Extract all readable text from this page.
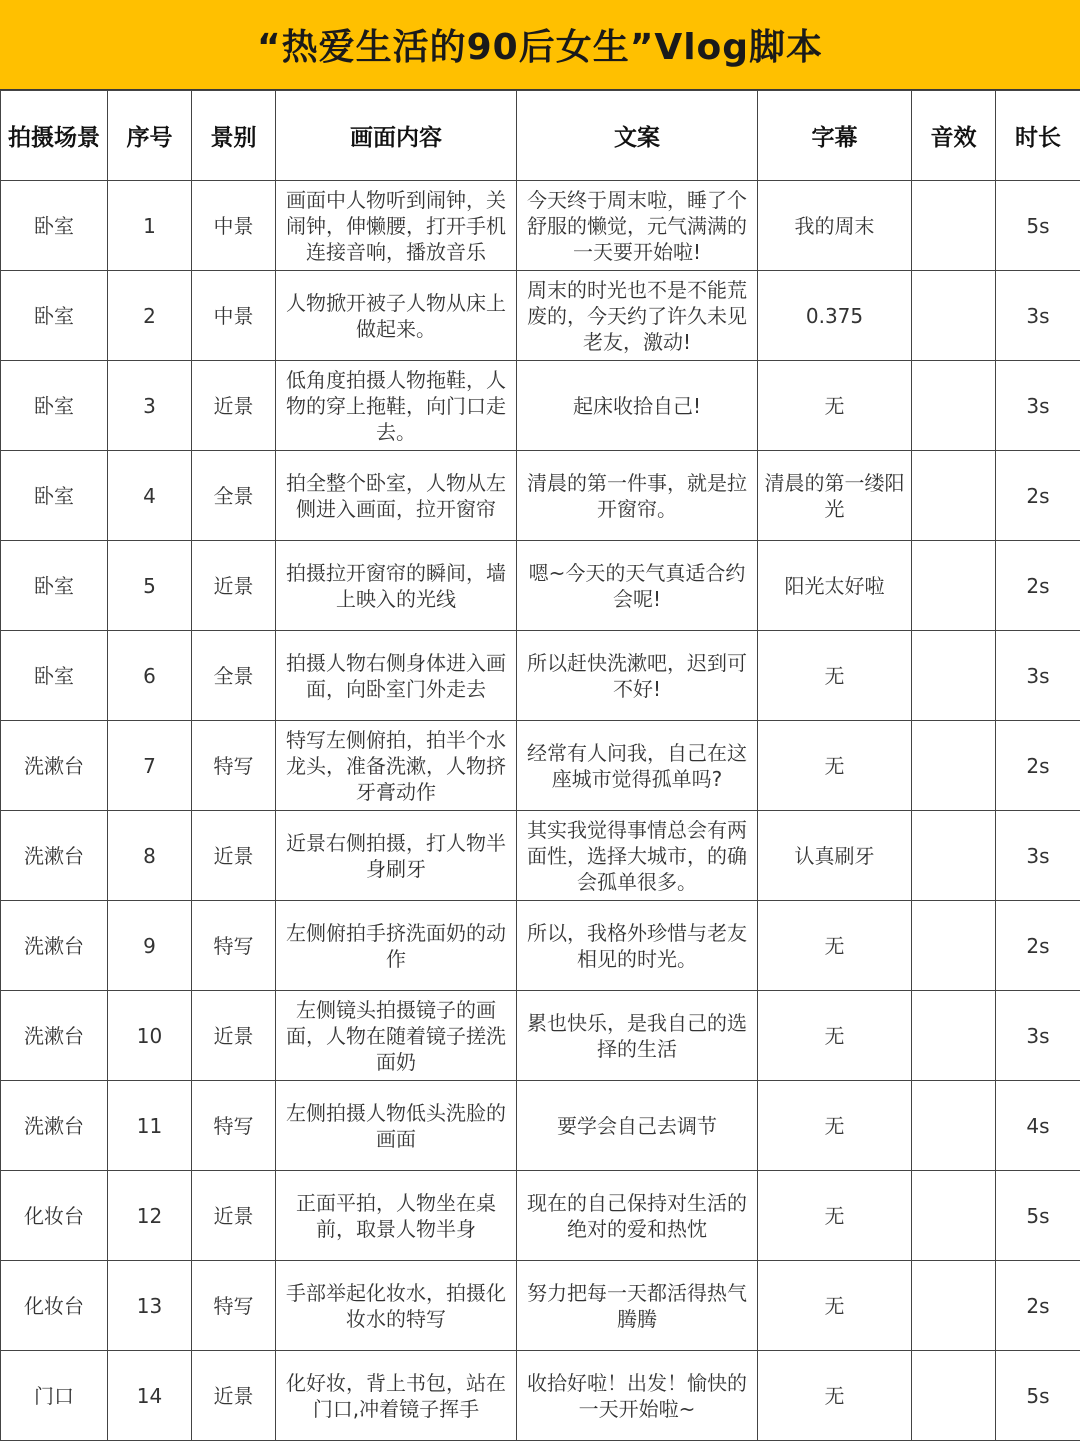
“热爱生活的90后女生”Vlog脚本
拍摄场景	序号	景别	画面内容	文案	字幕	音效	时长
卧室	1	中景	画面中人物听到闹钟，关闹钟，伸懒腰，打开手机连接音响，播放音乐	今天终于周末啦，睡了个舒服的懒觉，元气满满的一天要开始啦!	我的周末		5s
卧室	2	中景	人物掀开被子人物从床上做起来。	周末的时光也不是不能荒废的，今天约了许久未见老友，激动!	0.375		3s
卧室	3	近景	低角度拍摄人物拖鞋，人物的穿上拖鞋，向门口走去。	起床收拾自己!	无		3s
卧室	4	全景	拍全整个卧室，人物从左侧进入画面，拉开窗帘	清晨的第一件事，就是拉开窗帘。	清晨的第一缕阳光		2s
卧室	5	近景	拍摄拉开窗帘的瞬间，墙上映入的光线	嗯~今天的天气真适合约会呢!	阳光太好啦		2s
卧室	6	全景	拍摄人物右侧身体进入画面，向卧室门外走去	所以赶快洗漱吧，迟到可不好!	无		3s
洗漱台	7	特写	特写左侧俯拍，拍半个水龙头，准备洗漱，人物挤牙膏动作	经常有人问我，自己在这座城市觉得孤单吗?	无		2s
洗漱台	8	近景	近景右侧拍摄，打人物半身刷牙	其实我觉得事情总会有两面性，选择大城市，的确会孤单很多。	认真刷牙		3s
洗漱台	9	特写	左侧俯拍手挤洗面奶的动作	所以，我格外珍惜与老友相见的时光。	无		2s
洗漱台	10	近景	左侧镜头拍摄镜子的画面，人物在随着镜子搓洗面奶	累也快乐，是我自己的选择的生活	无		3s
洗漱台	11	特写	左侧拍摄人物低头洗脸的画面	要学会自己去调节	无		4s
化妆台	12	近景	正面平拍，人物坐在桌前，取景人物半身	现在的自己保持对生活的绝对的爱和热忱	无		5s
化妆台	13	特写	手部举起化妆水，拍摄化妆水的特写	努力把每一天都活得热气腾腾	无		2s
门口	14	近景	化好妆，背上书包，站在门口,冲着镜子挥手	收拾好啦！出发！愉快的一天开始啦~	无		5s
